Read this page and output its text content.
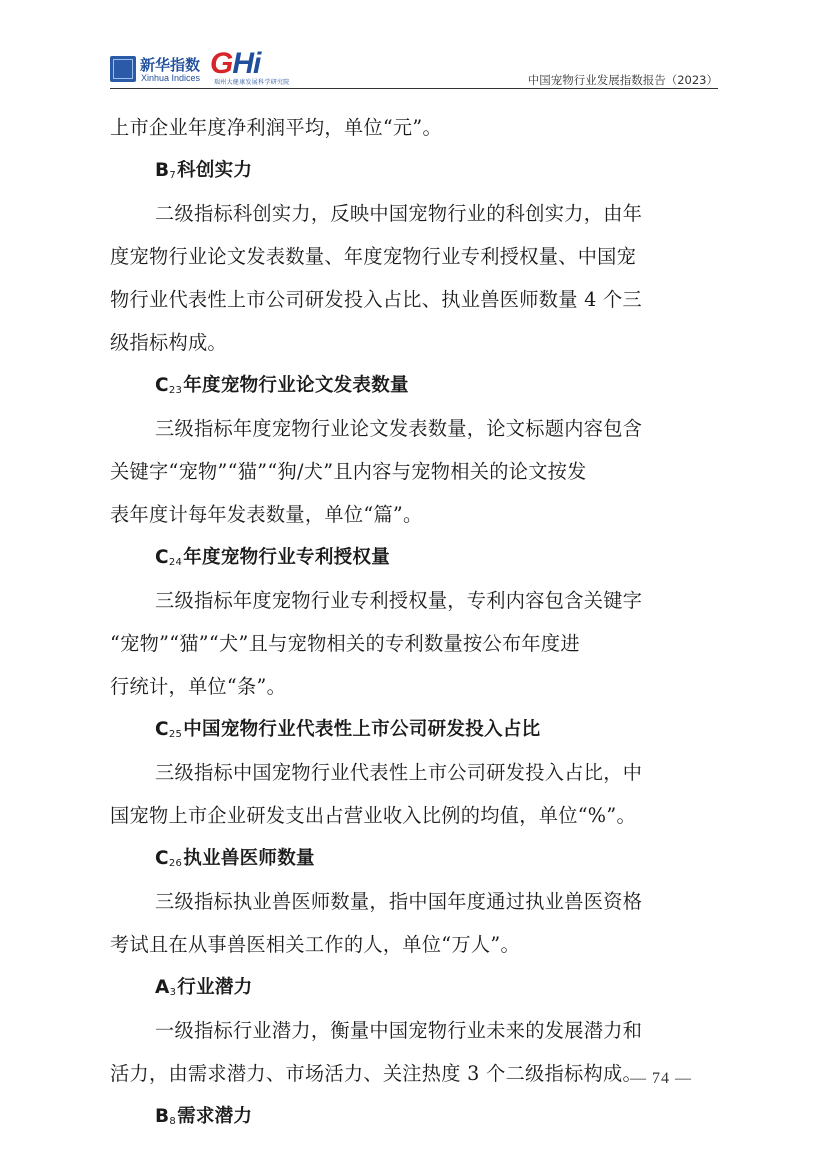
新华指数
Xinhua Indices GHi
瑞州大健康发展科学研究院	中国宠物行业发展指数报告（2023）
上市企业年度净利润平均，单位“元”。
B7科创实力
二级指标科创实力，反映中国宠物行业的科创实力，由年
度宠物行业论文发表数量、年度宠物行业专利授权量、中国宠
物行业代表性上市公司研发投入占比、执业兽医师数量 4 个三
级指标构成。
C23年度宠物行业论文发表数量
三级指标年度宠物行业论文发表数量，论文标题内容包含
关键字“宠物”“猫”“狗/犬”且内容与宠物相关的论文按发
表年度计每年发表数量，单位“篇”。
C24年度宠物行业专利授权量
三级指标年度宠物行业专利授权量，专利内容包含关键字
“宠物”“猫”“犬”且与宠物相关的专利数量按公布年度进
行统计，单位“条”。
C25中国宠物行业代表性上市公司研发投入占比
三级指标中国宠物行业代表性上市公司研发投入占比，中
国宠物上市企业研发支出占营业收入比例的均值，单位“%”。
C26执业兽医师数量
三级指标执业兽医师数量，指中国年度通过执业兽医资格
考试且在从事兽医相关工作的人，单位“万人”。
A3行业潜力
一级指标行业潜力，衡量中国宠物行业未来的发展潜力和
活力，由需求潜力、市场活力、关注热度 3 个二级指标构成。
B8需求潜力
— 74 —
